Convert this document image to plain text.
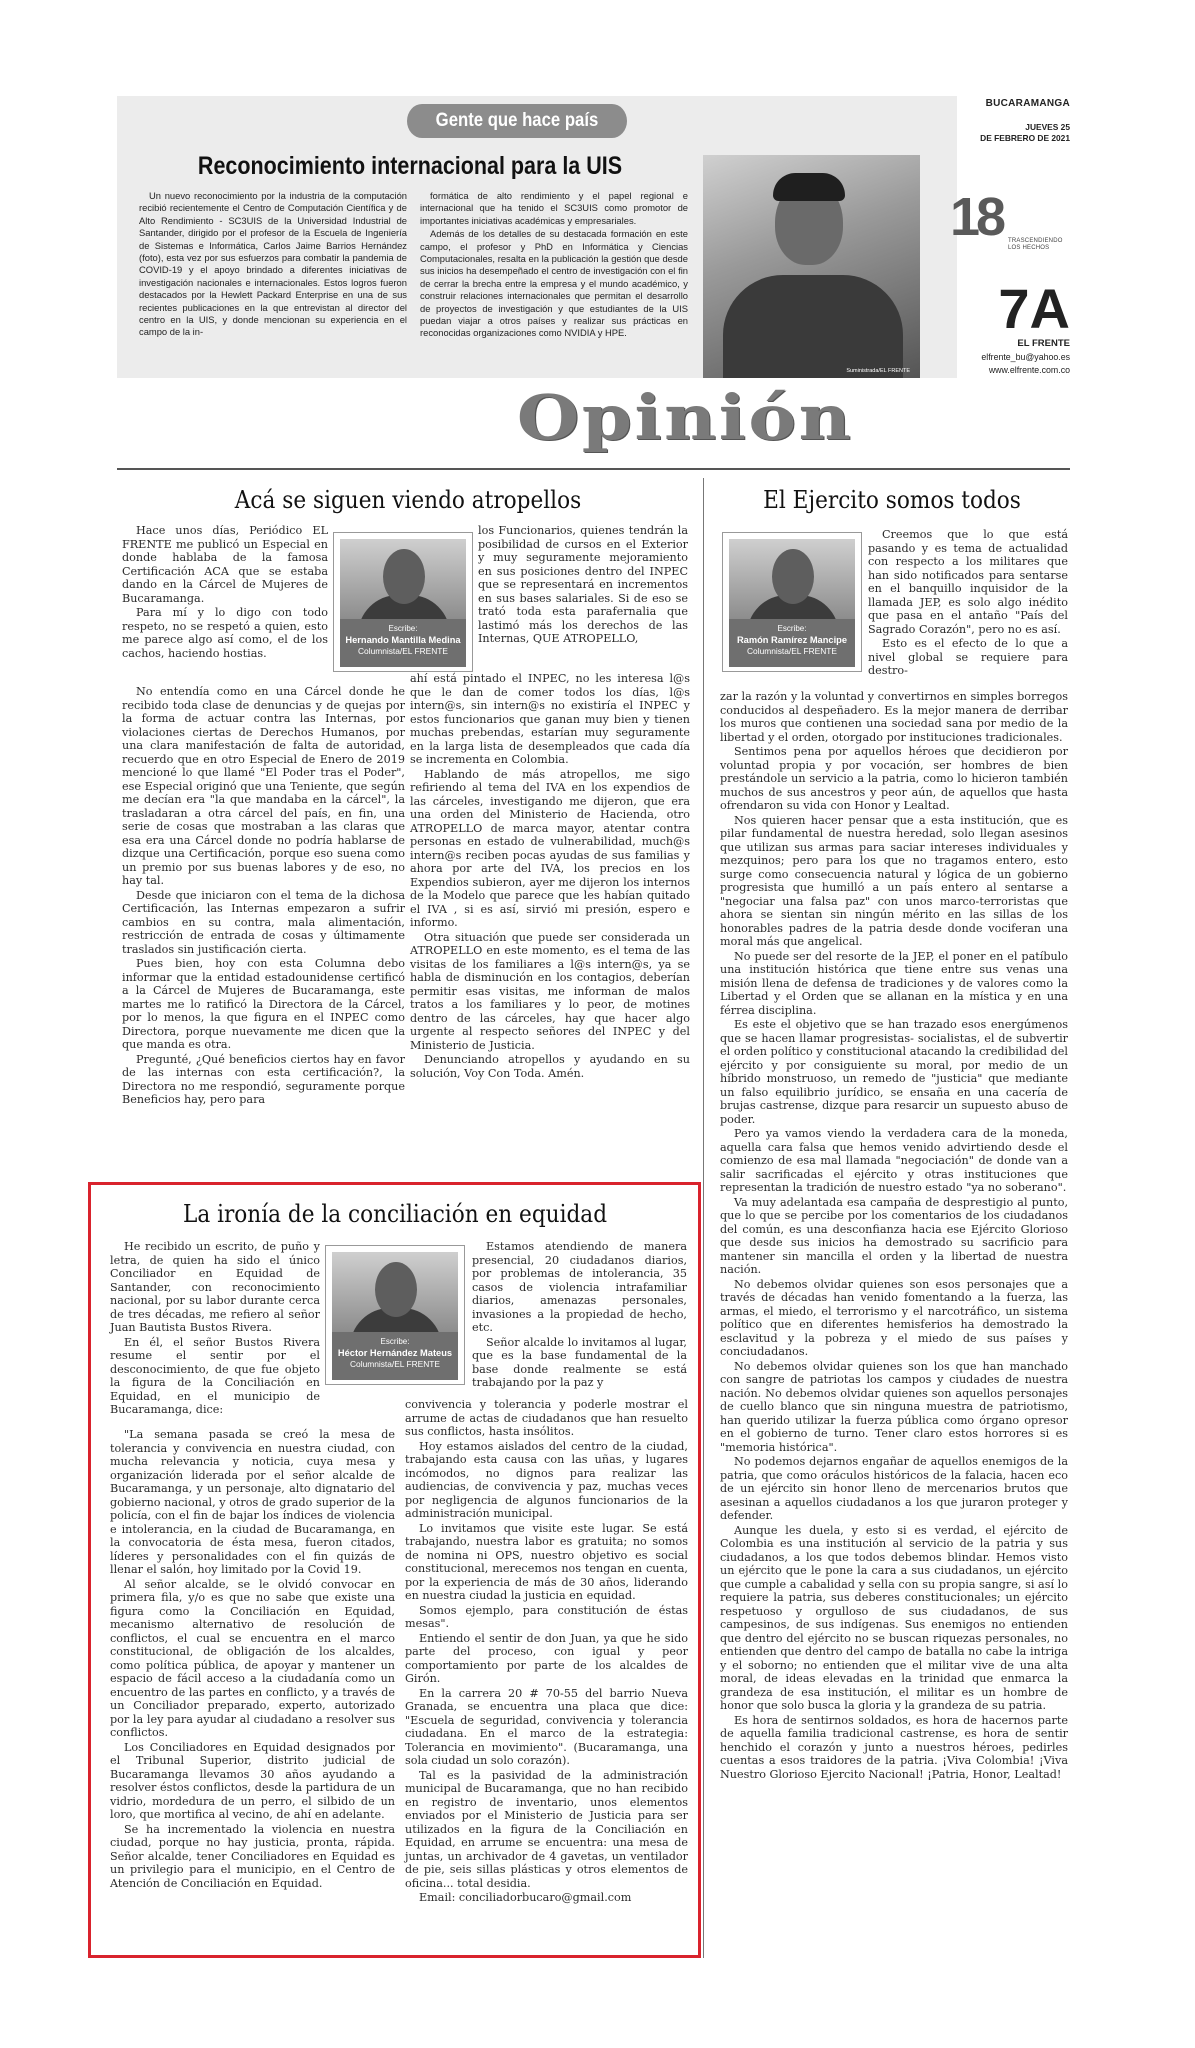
Gente que hace país
Reconocimiento internacional para la UIS

Un nuevo reconocimiento por la industria de la computación recibió recientemente el Centro de Computación Científica y de Alto Rendimiento - SC3UIS de la Universidad Industrial de Santander, dirigido por el profesor de la Escuela de Ingeniería de Sistemas e Informática, Carlos Jaime Barrios Hernández (foto), esta vez por sus esfuerzos para combatir la pandemia de COVID-19 y el apoyo brindado a diferentes iniciativas de investigación nacionales e internacionales. Estos logros fueron destacados por la Hewlett Packard Enterprise en una de sus recientes publicaciones en la que entrevistan al director del centro en la UIS, y donde mencionan su experiencia en el campo de la in-

formática de alto rendimiento y el papel regional e internacional que ha tenido el SC3UIS como promotor de importantes iniciativas académicas y empresariales.

Además de los detalles de su destacada formación en este campo, el profesor y PhD en Informática y Ciencias Computacionales, resalta en la publicación la gestión que desde sus inicios ha desempeñado el centro de investigación con el fin de cerrar la brecha entre la empresa y el mundo académico, y construir relaciones internacionales que permitan el desarrollo de proyectos de investigación y que estudiantes de la UIS puedan viajar a otros países y realizar sus prácticas en reconocidas organizaciones como NVIDIA y HPE.

Suministrada/EL FRENTE
BUCARAMANGA
JUEVES 25
DE FEBRERO DE 2021
18 TRASCENDIENDO
LOS HECHOS
7A
EL FRENTE
elfrente_bu@yahoo.es
www.elfrente.com.co
Opinión
Acá se siguen viendo atropellos

Hace unos días, Periódico EL FRENTE me publicó un Especial en donde hablaba de la famosa Certificación ACA que se estaba dando en la Cárcel de Mujeres de Bucaramanga.

Para mí y lo digo con todo respeto, no se respetó a quien, esto me parece algo así como, el de los cachos, haciendo hostias.

Escribe:
Hernando Mantilla Medina
Columnista/EL FRENTE

No entendía como en una Cárcel donde he recibido toda clase de denuncias y de quejas por la forma de actuar contra las Internas, por violaciones ciertas de Derechos Humanos, por una clara manifestación de falta de autoridad, recuerdo que en otro Especial de Enero de 2019 mencioné lo que llamé "El Poder tras el Poder", ese Especial originó que una Teniente, que según me decían era "la que mandaba en la cárcel", la trasladaran a otra cárcel del país, en fin, una serie de cosas que mostraban a las claras que esa era una Cárcel donde no podría hablarse de dizque una Certificación, porque eso suena como un premio por sus buenas labores y de eso, no hay tal.

Desde que iniciaron con el tema de la dichosa Certificación, las Internas empezaron a sufrir cambios en su contra, mala alimentación, restricción de entrada de cosas y últimamente traslados sin justificación cierta.

Pues bien, hoy con esta Columna debo informar que la entidad estadounidense certificó a la Cárcel de Mujeres de Bucaramanga, este martes me lo ratificó la Directora de la Cárcel, por lo menos, la que figura en el INPEC como Directora, porque nuevamente me dicen que la que manda es otra.

Pregunté, ¿Qué beneficios ciertos hay en favor de las internas con esta certificación?, la Directora no me respondió, seguramente porque Beneficios hay, pero para

los Funcionarios, quienes tendrán la posibilidad de cursos en el Exterior y muy seguramente mejoramiento en sus posiciones dentro del INPEC que se representará en incrementos en sus bases salariales. Si de eso se trató toda esta parafernalia que lastimó más los derechos de las Internas, QUE ATROPELLO,

ahí está pintado el INPEC, no les interesa l@s que le dan de comer todos los días, l@s intern@s, sin intern@s no existiría el INPEC y estos funcionarios que ganan muy bien y tienen muchas prebendas, estarían muy seguramente en la larga lista de desempleados que cada día se incrementa en Colombia.

Hablando de más atropellos, me sigo refiriendo al tema del IVA en los expendios de las cárceles, investigando me dijeron, que era una orden del Ministerio de Hacienda, otro ATROPELLO de marca mayor, atentar contra personas en estado de vulnerabilidad, much@s intern@s reciben pocas ayudas de sus familias y ahora por arte del IVA, los precios en los Expendios subieron, ayer me dijeron los internos de la Modelo que parece que les habían quitado el IVA , si es así, sirvió mi presión, espero e informo.

Otra situación que puede ser considerada un ATROPELLO en este momento, es el tema de las visitas de los familiares a l@s intern@s, ya se habla de disminución en los contagios, deberían permitir esas visitas, me informan de malos tratos a los familiares y lo peor, de motines dentro de las cárceles, hay que hacer algo urgente al respecto señores del INPEC y del Ministerio de Justicia.

Denunciando atropellos y ayudando en su solución, Voy Con Toda. Amén.

El Ejercito somos todos
Escribe:
Ramón Ramírez Mancipe
Columnista/EL FRENTE

Creemos que lo que está pasando y es tema de actualidad con respecto a los militares que han sido notificados para sentarse en el banquillo inquisidor de la llamada JEP, es solo algo inédito que pasa en el antaño "País del Sagrado Corazón", pero no es así.

Esto es el efecto de lo que a nivel global se requiere para destro-

zar la razón y la voluntad y convertirnos en simples borregos conducidos al despeñadero. Es la mejor manera de derribar los muros que contienen una sociedad sana por medio de la libertad y el orden, otorgado por instituciones tradicionales.

Sentimos pena por aquellos héroes que decidieron por voluntad propia y por vocación, ser hombres de bien prestándole un servicio a la patria, como lo hicieron también muchos de sus ancestros y peor aún, de aquellos que hasta ofrendaron su vida con Honor y Lealtad.

Nos quieren hacer pensar que a esta institución, que es pilar fundamental de nuestra heredad, solo llegan asesinos que utilizan sus armas para saciar intereses individuales y mezquinos; pero para los que no tragamos entero, esto surge como consecuencia natural y lógica de un gobierno progresista que humilló a un país entero al sentarse a "negociar una falsa paz" con unos marco-terroristas que ahora se sientan sin ningún mérito en las sillas de los honorables padres de la patria desde donde vociferan una moral más que angelical.

No puede ser del resorte de la JEP, el poner en el patíbulo una institución histórica que tiene entre sus venas una misión llena de defensa de tradiciones y de valores como la Libertad y el Orden que se allanan en la mística y en una férrea disciplina.

Es este el objetivo que se han trazado esos energúmenos que se hacen llamar progresistas- socialistas, el de subvertir el orden político y constitucional atacando la credibilidad del ejército y por consiguiente su moral, por medio de un híbrido monstruoso, un remedo de "justicia" que mediante un falso equilibrio jurídico, se ensaña en una cacería de brujas castrense, dizque para resarcir un supuesto abuso de poder.

Pero ya vamos viendo la verdadera cara de la moneda, aquella cara falsa que hemos venido advirtiendo desde el comienzo de esa mal llamada "negociación" de donde van a salir sacrificadas el ejército y otras instituciones que representan la tradición de nuestro estado "ya no soberano".

Va muy adelantada esa campaña de desprestigio al punto, que lo que se percibe por los comentarios de los ciudadanos del común, es una desconfianza hacia ese Ejército Glorioso que desde sus inicios ha demostrado su sacrificio para mantener sin mancilla el orden y la libertad de nuestra nación.

No debemos olvidar quienes son esos personajes que a través de décadas han venido fomentando a la fuerza, las armas, el miedo, el terrorismo y el narcotráfico, un sistema político que en diferentes hemisferios ha demostrado la esclavitud y la pobreza y el miedo de sus países y conciudadanos.

No debemos olvidar quienes son los que han manchado con sangre de patriotas los campos y ciudades de nuestra nación. No debemos olvidar quienes son aquellos personajes de cuello blanco que sin ninguna muestra de patriotismo, han querido utilizar la fuerza pública como órgano opresor en el gobierno de turno. Tener claro estos horrores si es "memoria histórica".

No podemos dejarnos engañar de aquellos enemigos de la patria, que como oráculos históricos de la falacia, hacen eco de un ejército sin honor lleno de mercenarios brutos que asesinan a aquellos ciudadanos a los que juraron proteger y defender.

Aunque les duela, y esto si es verdad, el ejército de Colombia es una institución al servicio de la patria y sus ciudadanos, a los que todos debemos blindar. Hemos visto un ejército que le pone la cara a sus ciudadanos, un ejército que cumple a cabalidad y sella con su propia sangre, si así lo requiere la patria, sus deberes constitucionales; un ejército respetuoso y orgulloso de sus ciudadanos, de sus campesinos, de sus indígenas. Sus enemigos no entienden que dentro del ejército no se buscan riquezas personales, no entienden que dentro del campo de batalla no cabe la intriga y el soborno; no entienden que el militar vive de una alta moral, de ideas elevadas en la trinidad que enmarca la grandeza de esa institución, el militar es un hombre de honor que solo busca la gloria y la grandeza de su patria.

Es hora de sentirnos soldados, es hora de hacernos parte de aquella familia tradicional castrense, es hora de sentir henchido el corazón y junto a nuestros héroes, pedirles cuentas a esos traidores de la patria. ¡Viva Colombia! ¡Viva Nuestro Glorioso Ejercito Nacional! ¡Patria, Honor, Lealtad!

La ironía de la conciliación en equidad

He recibido un escrito, de puño y letra, de quien ha sido el único Conciliador en Equidad de Santander, con reconocimiento nacional, por su labor durante cerca de tres décadas, me refiero al señor Juan Bautista Bustos Rivera.

En él, el señor Bustos Rivera resume el sentir por el desconocimiento, de que fue objeto la figura de la Conciliación en Equidad, en el municipio de Bucaramanga, dice:

Escribe:
Héctor Hernández Mateus
Columnista/EL FRENTE

"La semana pasada se creó la mesa de tolerancia y convivencia en nuestra ciudad, con mucha relevancia y noticia, cuya mesa y organización liderada por el señor alcalde de Bucaramanga, y un personaje, alto dignatario del gobierno nacional, y otros de grado superior de la policía, con el fin de bajar los índices de violencia e intolerancia, en la ciudad de Bucaramanga, en la convocatoria de ésta mesa, fueron citados, líderes y personalidades con el fin quizás de llenar el salón, hoy limitado por la Covid 19.

Al señor alcalde, se le olvidó convocar en primera fila, y/o es que no sabe que existe una figura como la Conciliación en Equidad, mecanismo alternativo de resolución de conflictos, el cual se encuentra en el marco constitucional, de obligación de los alcaldes, como política pública, de apoyar y mantener un espacio de fácil acceso a la ciudadanía como un encuentro de las partes en conflicto, y a través de un Conciliador preparado, experto, autorizado por la ley para ayudar al ciudadano a resolver sus conflictos.

Los Conciliadores en Equidad designados por el Tribunal Superior, distrito judicial de Bucaramanga llevamos 30 años ayudando a resolver éstos conflictos, desde la partidura de un vidrio, mordedura de un perro, el silbido de un loro, que mortifica al vecino, de ahí en adelante.

Se ha incrementado la violencia en nuestra ciudad, porque no hay justicia, pronta, rápida. Señor alcalde, tener Conciliadores en Equidad es un privilegio para el municipio, en el Centro de Atención de Conciliación en Equidad.

Estamos atendiendo de manera presencial, 20 ciudadanos diarios, por problemas de intolerancia, 35 casos de violencia intrafamiliar diarios, amenazas personales, invasiones a la propiedad de hecho, etc.

Señor alcalde lo invitamos al lugar, que es la base fundamental de la base donde realmente se está trabajando por la paz y

convivencia y tolerancia y poderle mostrar el arrume de actas de ciudadanos que han resuelto sus conflictos, hasta insólitos.

Hoy estamos aislados del centro de la ciudad, trabajando esta causa con las uñas, y lugares incómodos, no dignos para realizar las audiencias, de convivencia y paz, muchas veces por negligencia de algunos funcionarios de la administración municipal.

Lo invitamos que visite este lugar. Se está trabajando, nuestra labor es gratuita; no somos de nomina ni OPS, nuestro objetivo es social constitucional, merecemos nos tengan en cuenta, por la experiencia de más de 30 años, liderando en nuestra ciudad la justicia en equidad.

Somos ejemplo, para constitución de éstas mesas".

Entiendo el sentir de don Juan, ya que he sido parte del proceso, con igual y peor comportamiento por parte de los alcaldes de Girón.

En la carrera 20 # 70-55 del barrio Nueva Granada, se encuentra una placa que dice: "Escuela de seguridad, convivencia y tolerancia ciudadana. En el marco de la estrategia: Tolerancia en movimiento". (Bucaramanga, una sola ciudad un solo corazón).

Tal es la pasividad de la administración municipal de Bucaramanga, que no han recibido en registro de inventario, unos elementos enviados por el Ministerio de Justicia para ser utilizados en la figura de la Conciliación en Equidad, en arrume se encuentra: una mesa de juntas, un archivador de 4 gavetas, un ventilador de pie, seis sillas plásticas y otros elementos de oficina... total desidia.

Email: conciliadorbucaro@gmail.com
